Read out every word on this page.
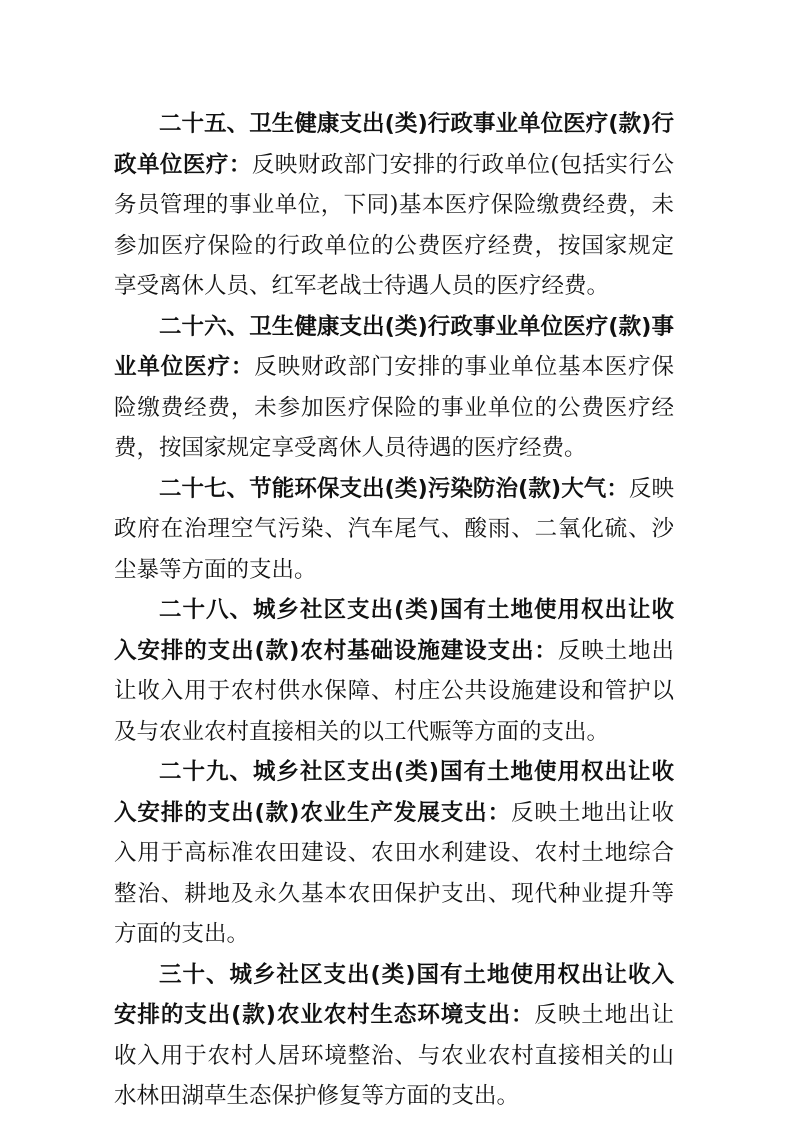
二十五、卫生健康支出(类)行政事业单位医疗(款)行政单位医疗：反映财政部门安排的行政单位(包括实行公务员管理的事业单位，下同)基本医疗保险缴费经费，未参加医疗保险的行政单位的公费医疗经费，按国家规定享受离休人员、红军老战士待遇人员的医疗经费。

二十六、卫生健康支出(类)行政事业单位医疗(款)事业单位医疗：反映财政部门安排的事业单位基本医疗保险缴费经费，未参加医疗保险的事业单位的公费医疗经费，按国家规定享受离休人员待遇的医疗经费。

二十七、节能环保支出(类)污染防治(款)大气：反映政府在治理空气污染、汽车尾气、酸雨、二氧化硫、沙尘暴等方面的支出。

二十八、城乡社区支出(类)国有土地使用权出让收入安排的支出(款)农村基础设施建设支出：反映土地出让收入用于农村供水保障、村庄公共设施建设和管护以及与农业农村直接相关的以工代赈等方面的支出。

二十九、城乡社区支出(类)国有土地使用权出让收入安排的支出(款)农业生产发展支出：反映土地出让收入用于高标准农田建设、农田水利建设、农村土地综合整治、耕地及永久基本农田保护支出、现代种业提升等方面的支出。

三十、城乡社区支出(类)国有土地使用权出让收入安排的支出(款)农业农村生态环境支出：反映土地出让收入用于农村人居环境整治、与农业农村直接相关的山水林田湖草生态保护修复等方面的支出。
